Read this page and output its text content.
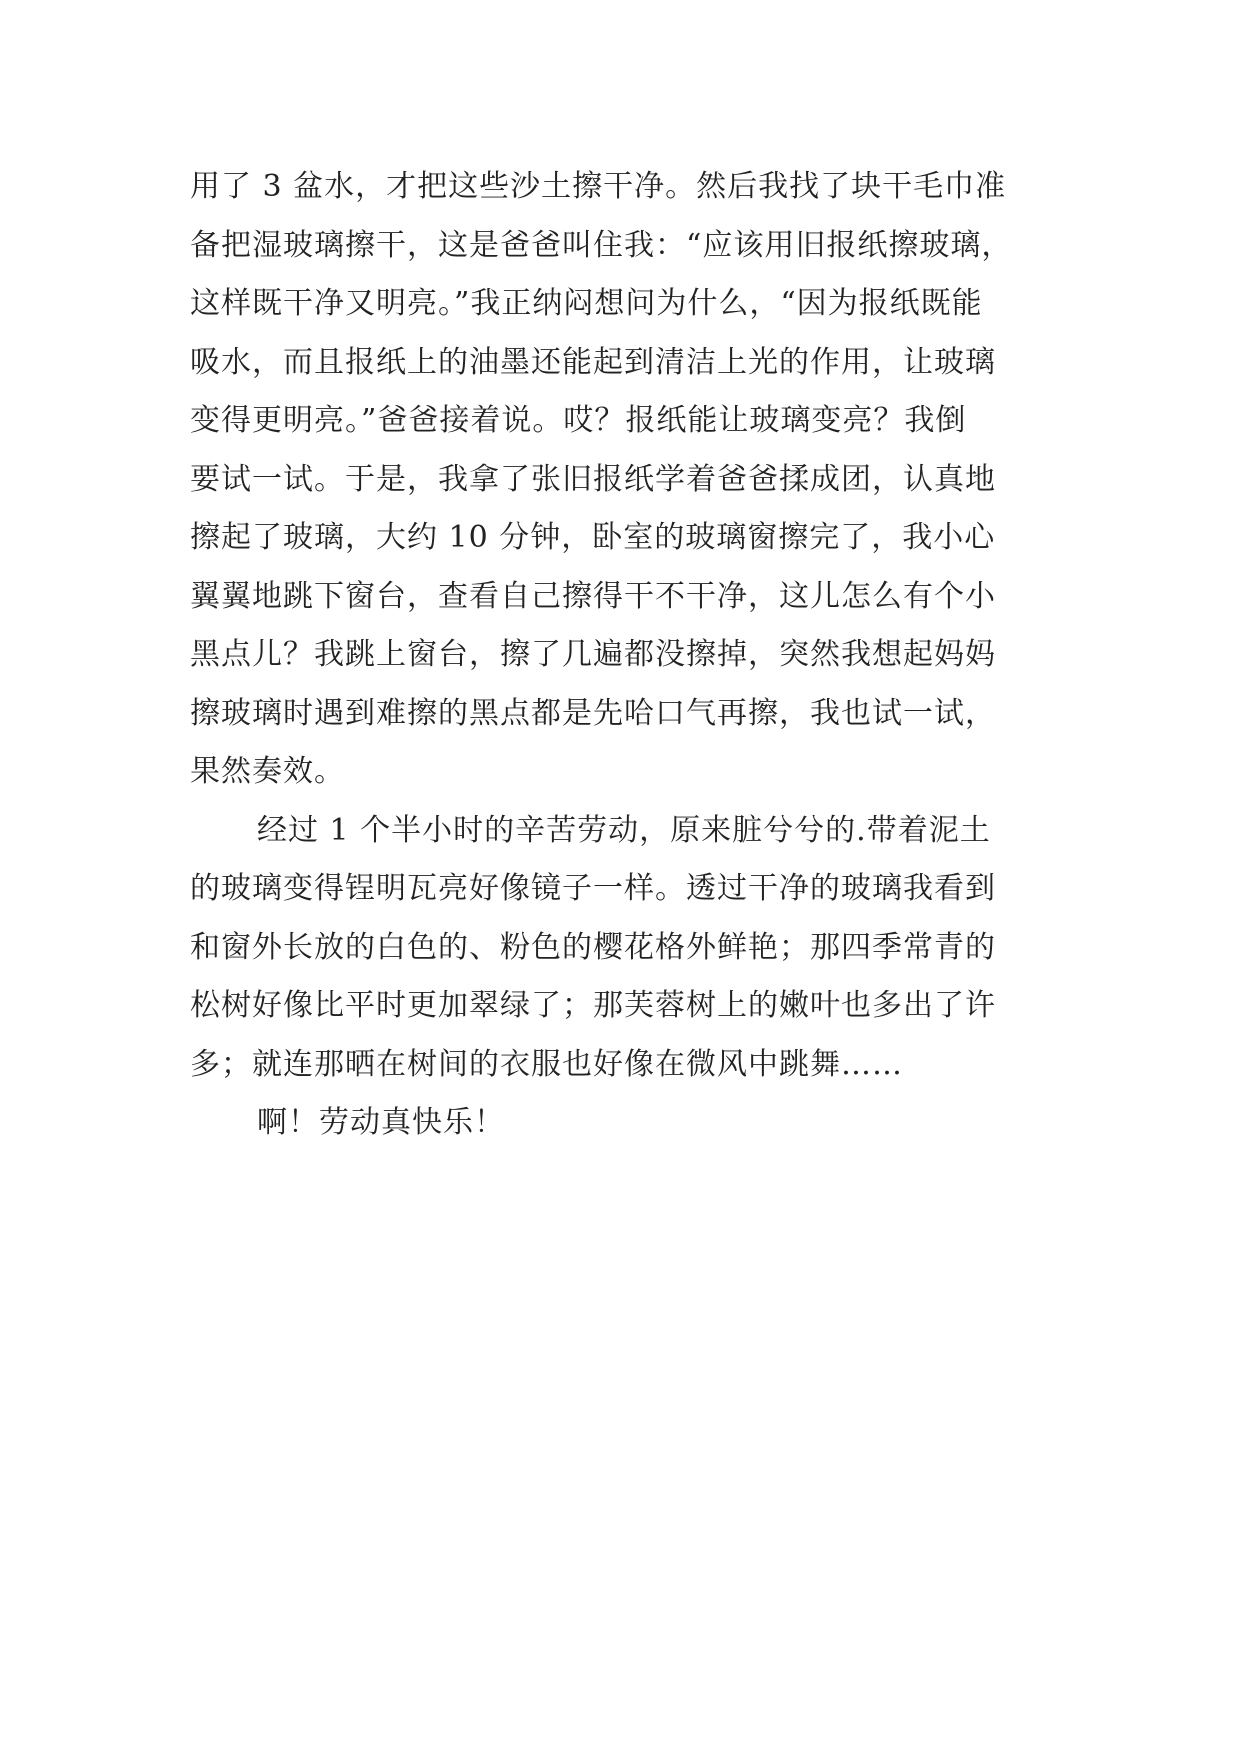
用了 3 盆水，才把这些沙土擦干净。然后我找了块干毛巾准
备把湿玻璃擦干，这是爸爸叫住我：“应该用旧报纸擦玻璃，
这样既干净又明亮。”我正纳闷想问为什么，“因为报纸既能
吸水，而且报纸上的油墨还能起到清洁上光的作用，让玻璃
变得更明亮。”爸爸接着说。哎？报纸能让玻璃变亮？我倒
要试一试。于是，我拿了张旧报纸学着爸爸揉成团，认真地
擦起了玻璃，大约 10 分钟，卧室的玻璃窗擦完了，我小心
翼翼地跳下窗台，查看自己擦得干不干净，这儿怎么有个小
黑点儿？我跳上窗台，擦了几遍都没擦掉，突然我想起妈妈
擦玻璃时遇到难擦的黑点都是先哈口气再擦，我也试一试，
果然奏效。
经过 1 个半小时的辛苦劳动，原来脏兮兮的.带着泥土
的玻璃变得锃明瓦亮好像镜子一样。透过干净的玻璃我看到
和窗外长放的白色的、粉色的樱花格外鲜艳；那四季常青的
松树好像比平时更加翠绿了；那芙蓉树上的嫩叶也多出了许
多；就连那晒在树间的衣服也好像在微风中跳舞……
啊！劳动真快乐！
